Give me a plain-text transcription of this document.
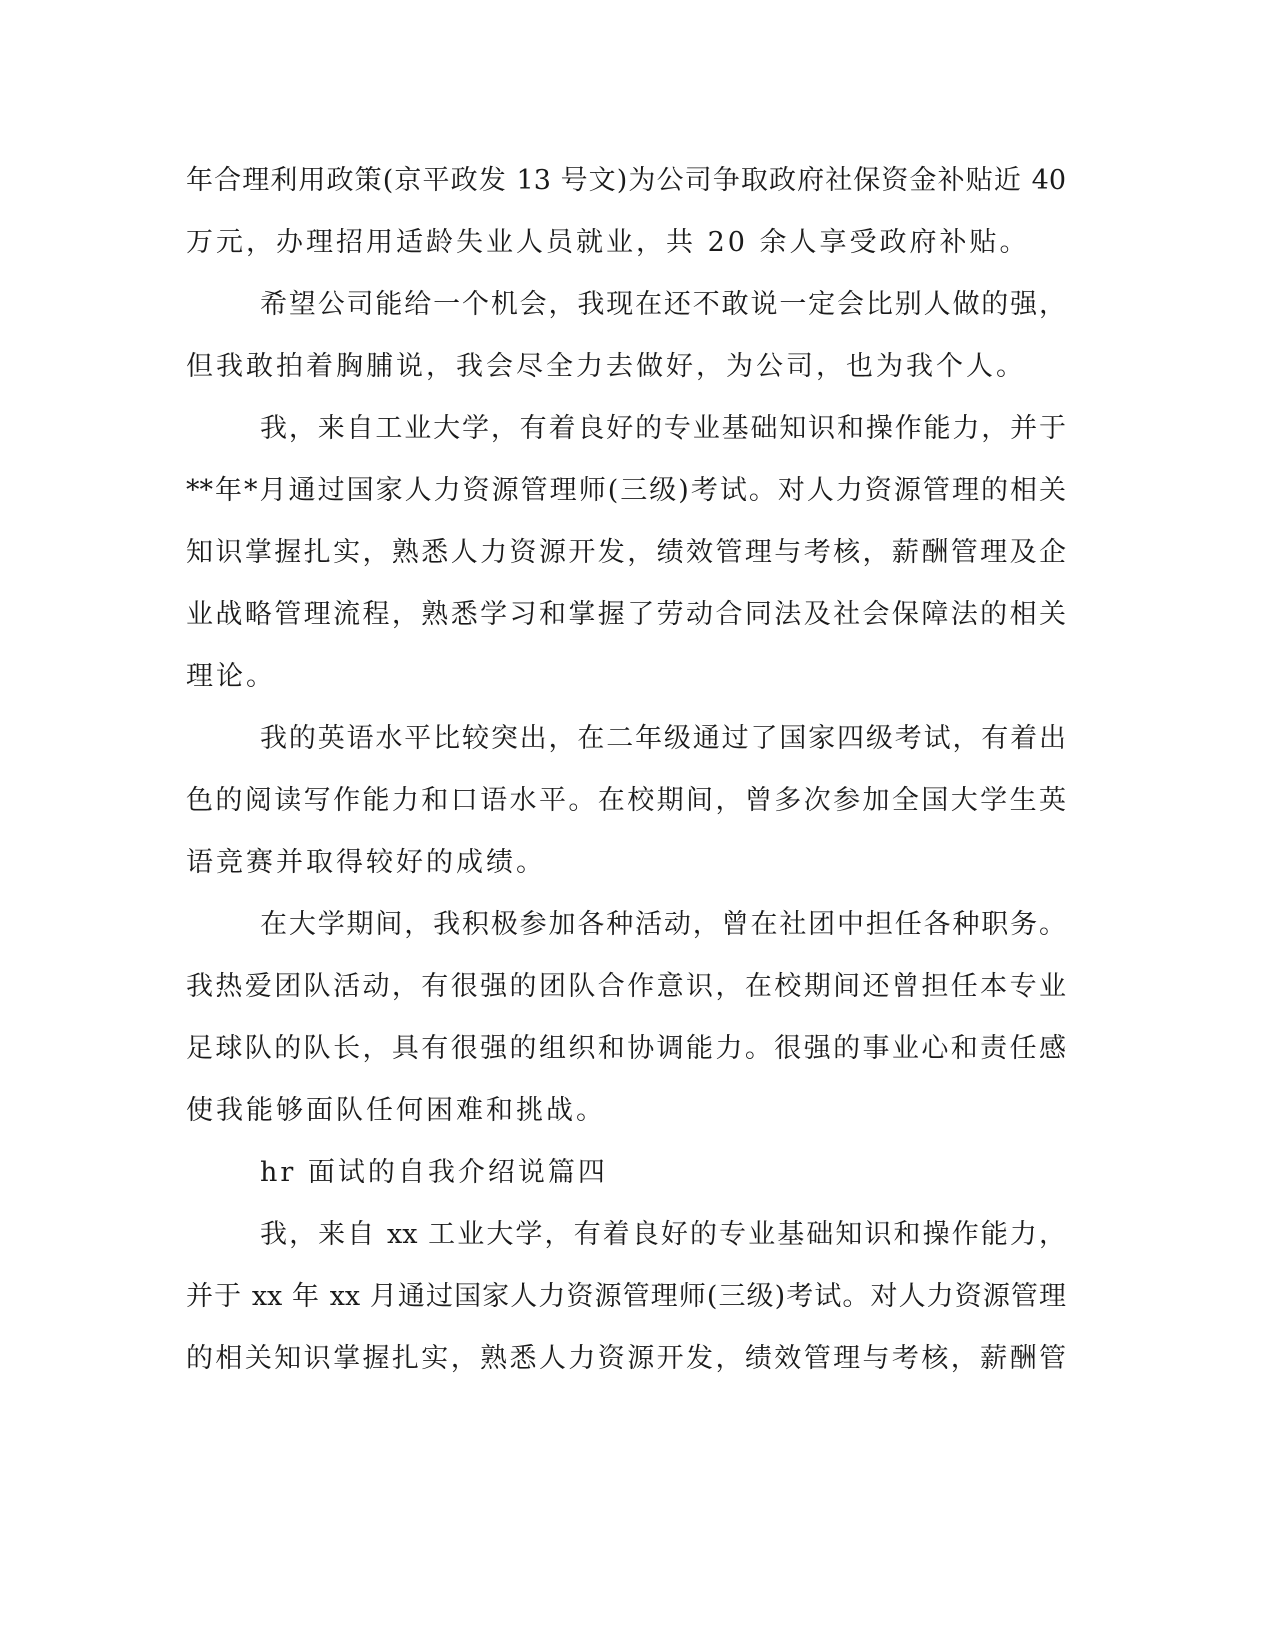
年合理利用政策(京平政发 13 号文)为公司争取政府社保资金补贴近 40
万元，办理招用适龄失业人员就业，共 20 余人享受政府补贴。
希望公司能给一个机会，我现在还不敢说一定会比别人做的强，
但我敢拍着胸脯说，我会尽全力去做好，为公司，也为我个人。
我，来自工业大学，有着良好的专业基础知识和操作能力，并于
**年*月通过国家人力资源管理师(三级)考试。对人力资源管理的相关
知识掌握扎实，熟悉人力资源开发，绩效管理与考核，薪酬管理及企
业战略管理流程，熟悉学习和掌握了劳动合同法及社会保障法的相关
理论。
我的英语水平比较突出，在二年级通过了国家四级考试，有着出
色的阅读写作能力和口语水平。在校期间，曾多次参加全国大学生英
语竞赛并取得较好的成绩。
在大学期间，我积极参加各种活动，曾在社团中担任各种职务。
我热爱团队活动，有很强的团队合作意识，在校期间还曾担任本专业
足球队的队长，具有很强的组织和协调能力。很强的事业心和责任感
使我能够面队任何困难和挑战。
hr 面试的自我介绍说篇四
我，来自 xx 工业大学，有着良好的专业基础知识和操作能力，
并于 xx 年 xx 月通过国家人力资源管理师(三级)考试。对人力资源管理
的相关知识掌握扎实，熟悉人力资源开发，绩效管理与考核，薪酬管
